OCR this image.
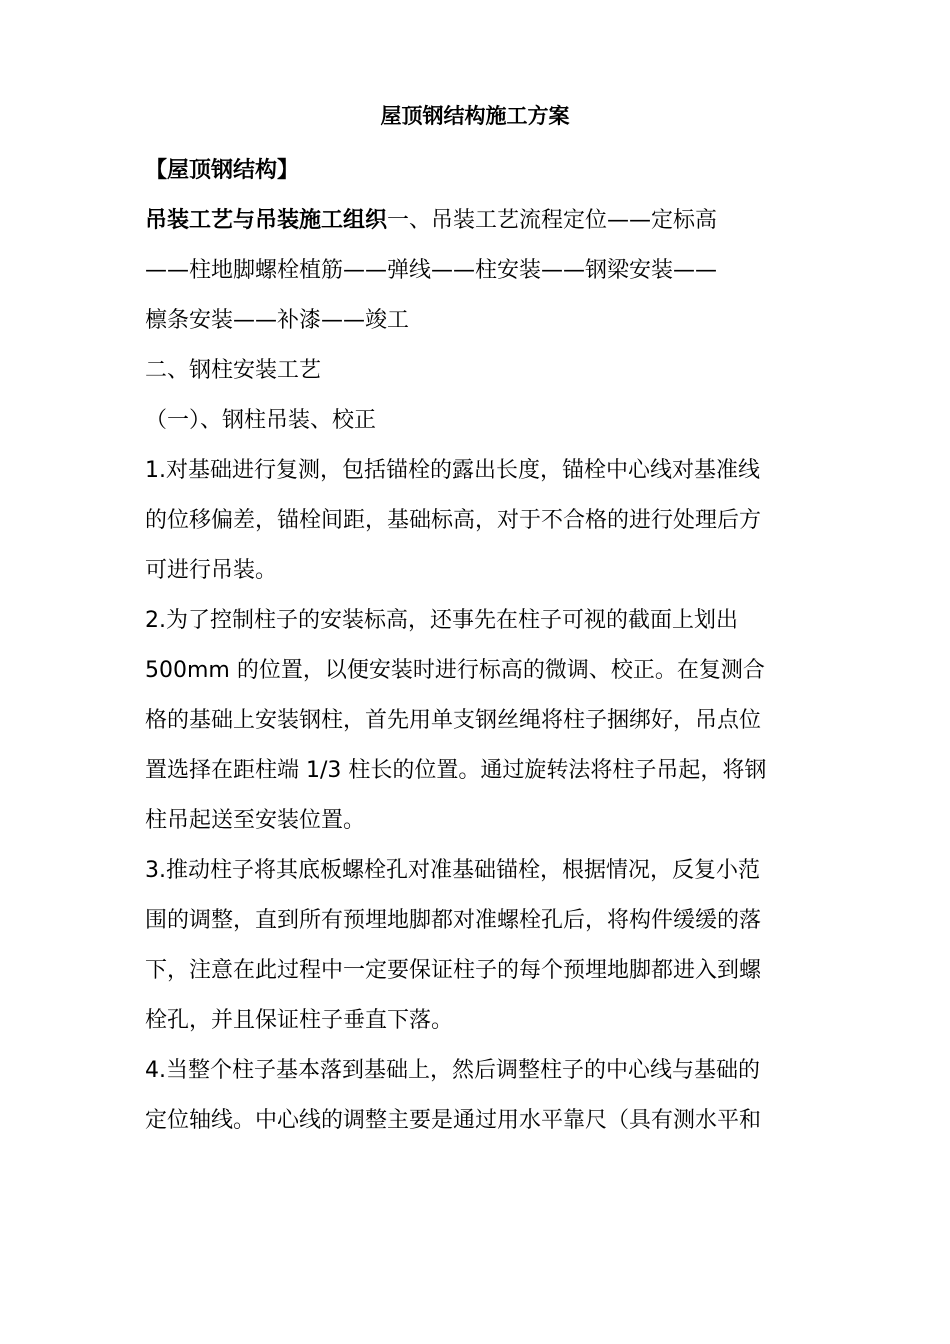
屋顶钢结构施工方案
【屋顶钢结构】
吊装工艺与吊装施工组织一、吊装工艺流程定位——定标高
——柱地脚螺栓植筋——弹线——柱安装——钢梁安装——
檩条安装——补漆——竣工
二、钢柱安装工艺
（一）、钢柱吊装、校正
1.对基础进行复测，包括锚栓的露出长度，锚栓中心线对基准线
的位移偏差，锚栓间距，基础标高，对于不合格的进行处理后方
可进行吊装。
2.为了控制柱子的安装标高，还事先在柱子可视的截面上划出
500mm 的位置，以便安装时进行标高的微调、校正。在复测合
格的基础上安装钢柱，首先用单支钢丝绳将柱子捆绑好，吊点位
置选择在距柱端 1/3 柱长的位置。通过旋转法将柱子吊起，将钢
柱吊起送至安装位置。
3.推动柱子将其底板螺栓孔对准基础锚栓，根据情况，反复小范
围的调整，直到所有预埋地脚都对准螺栓孔后，将构件缓缓的落
下，注意在此过程中一定要保证柱子的每个预埋地脚都进入到螺
栓孔，并且保证柱子垂直下落。
4.当整个柱子基本落到基础上，然后调整柱子的中心线与基础的
定位轴线。中心线的调整主要是通过用水平靠尺（具有测水平和
